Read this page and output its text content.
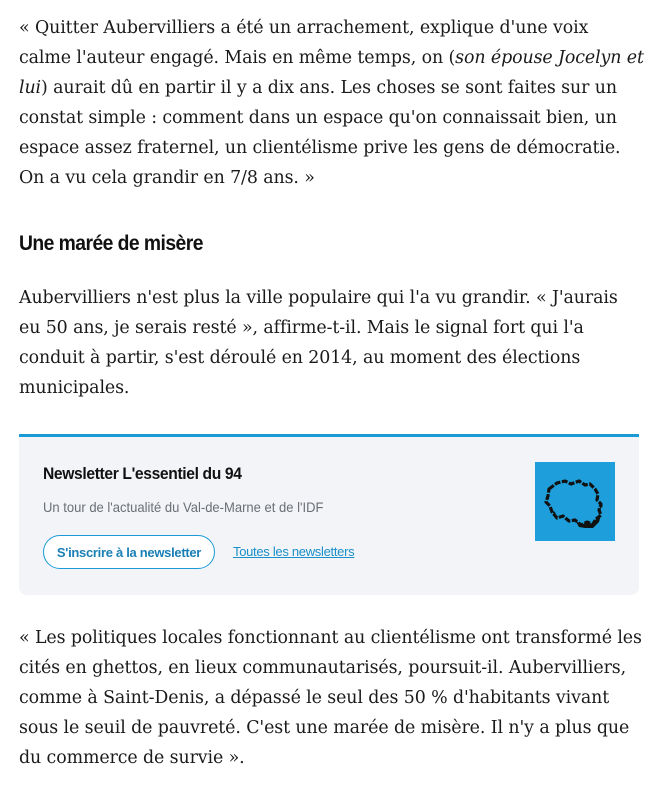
« Quitter Aubervilliers a été un arrachement, explique d'une voix calme l'auteur engagé. Mais en même temps, on (son épouse Jocelyn et lui) aurait dû en partir il y a dix ans. Les choses se sont faites sur un constat simple : comment dans un espace qu'on connaissait bien, un espace assez fraternel, un clientélisme prive les gens de démocratie. On a vu cela grandir en 7/8 ans. »

Une marée de misère

Aubervilliers n'est plus la ville populaire qui l'a vu grandir. « J'aurais eu 50 ans, je serais resté », affirme-t-il. Mais le signal fort qui l'a conduit à partir, s'est déroulé en 2014, au moment des élections municipales.

« Les politiques locales fonctionnant au clientélisme ont transformé les cités en ghettos, en lieux communautarisés, poursuit-il. Aubervilliers, comme à Saint-Denis, a dépassé le seul des 50 % d'habitants vivant sous le seuil de pauvreté. C'est une marée de misère. Il n'y a plus que du commerce de survie ».

Newsletter L'essentiel du 94
Un tour de l'actualité du Val-de-Marne et de l'IDF
S'inscrire à la newsletter	Toutes les newsletters
